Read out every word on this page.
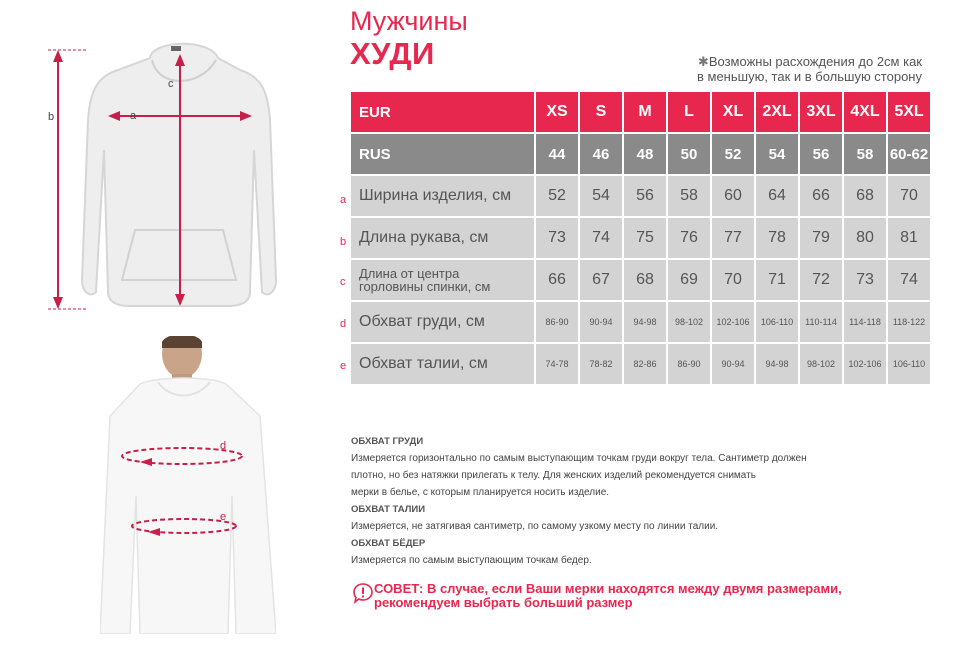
Мужчины
ХУДИ	✱Возможны расхождения до 2см как
в меньшую, так и в большую сторону
b	a
c
d
e
a
b
c
d
e
EUR	XS	S	M	L	XL	2XL	3XL	4XL	5XL
RUS	44	46	48	50	52	54	56	58	60-62
Ширина изделия, см	52	54	56	58	60	64	66	68	70
Длина рукава, см	73	74	75	76	77	78	79	80	81

Длина от центра
горловины спинки, см	66	67	68	69	70	71	72	73	74
Обхват груди, см	86-90	90-94	94-98	98-102	102-106	106-110	110-114	114-118	118-122
Обхват талии, см	74-78	78-82	82-86	86-90	90-94	94-98	98-102	102-106	106-110

ОБХВАТ ГРУДИ

Измеряется горизонтально по самым выступающим точкам груди вокруг тела. Сантиметр должен

плотно, но без натяжки прилегать к телу. Для женских изделий рекомендуется снимать

мерки в белье, с которым планируется носить изделие.

ОБХВАТ ТАЛИИ

Измеряется, не затягивая сантиметр, по самому узкому месту по линии талии.

ОБХВАТ БЁДЕР

Измеряется по самым выступающим точкам бедер.

СОВЕТ: В случае, если Ваши мерки находятся между двумя размерами,
рекомендуем выбрать больший размер
